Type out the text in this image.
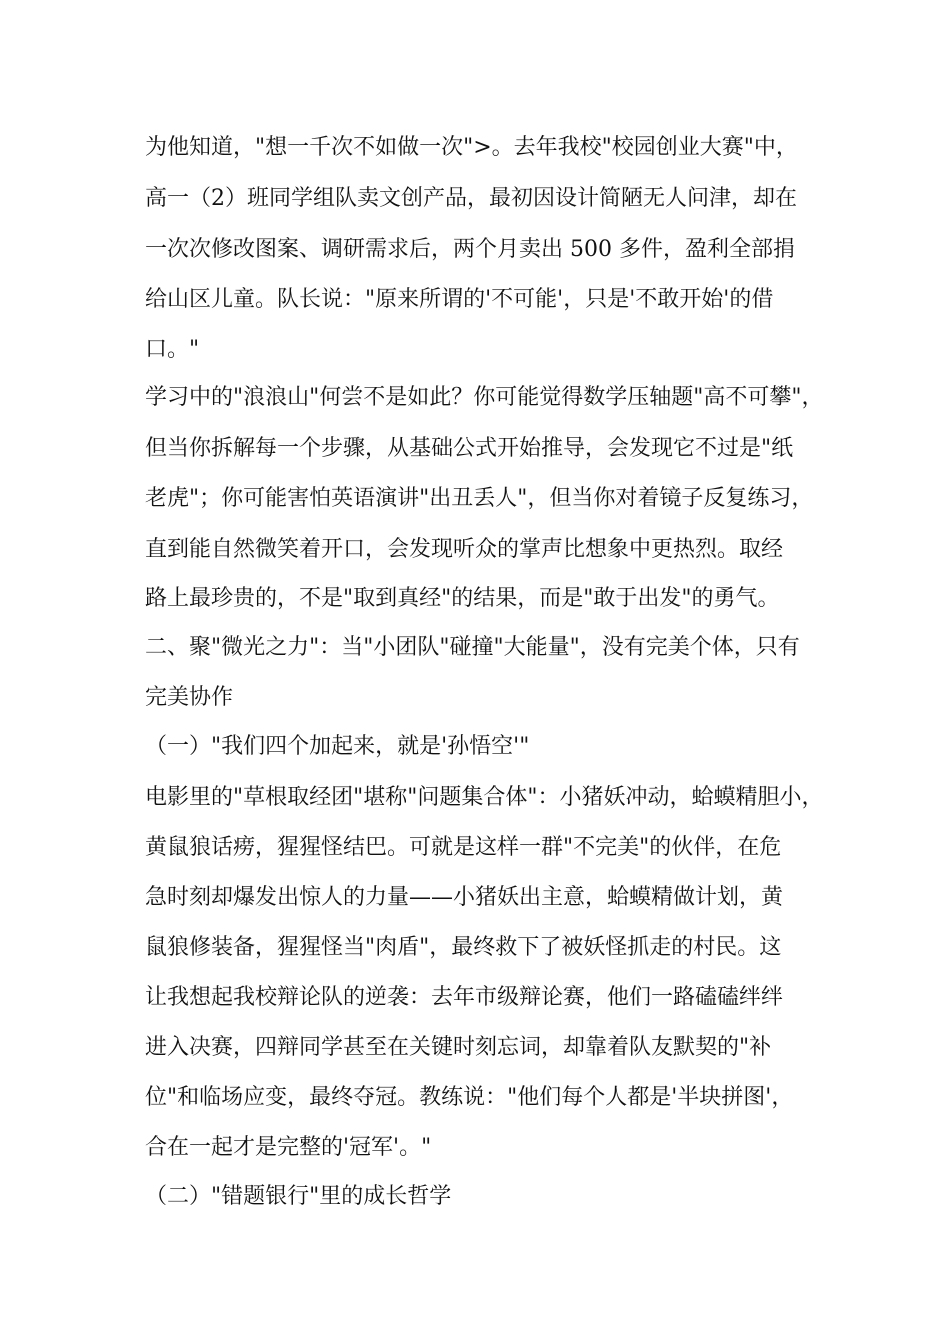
为他知道，"想一千次不如做一次">。去年我校"校园创业大赛"中，
高一（2）班同学组队卖文创产品，最初因设计简陋无人问津，却在
一次次修改图案、调研需求后，两个月卖出 500 多件，盈利全部捐
给山区儿童。队长说："原来所谓的'不可能'，只是'不敢开始'的借
口。"
学习中的"浪浪山"何尝不是如此？你可能觉得数学压轴题"高不可攀"，
但当你拆解每一个步骤，从基础公式开始推导，会发现它不过是"纸
老虎"；你可能害怕英语演讲"出丑丢人"，但当你对着镜子反复练习，
直到能自然微笑着开口，会发现听众的掌声比想象中更热烈。取经
路上最珍贵的，不是"取到真经"的结果，而是"敢于出发"的勇气。
二、聚"微光之力"：当"小团队"碰撞"大能量"，没有完美个体，只有
完美协作
（一）"我们四个加起来，就是'孙悟空'"
电影里的"草根取经团"堪称"问题集合体"：小猪妖冲动，蛤蟆精胆小，
黄鼠狼话痨，猩猩怪结巴。可就是这样一群"不完美"的伙伴，在危
急时刻却爆发出惊人的力量——小猪妖出主意，蛤蟆精做计划，黄
鼠狼修装备，猩猩怪当"肉盾"，最终救下了被妖怪抓走的村民。这
让我想起我校辩论队的逆袭：去年市级辩论赛，他们一路磕磕绊绊
进入决赛，四辩同学甚至在关键时刻忘词，却靠着队友默契的"补
位"和临场应变，最终夺冠。教练说："他们每个人都是'半块拼图'，
合在一起才是完整的'冠军'。"
（二）"错题银行"里的成长哲学
